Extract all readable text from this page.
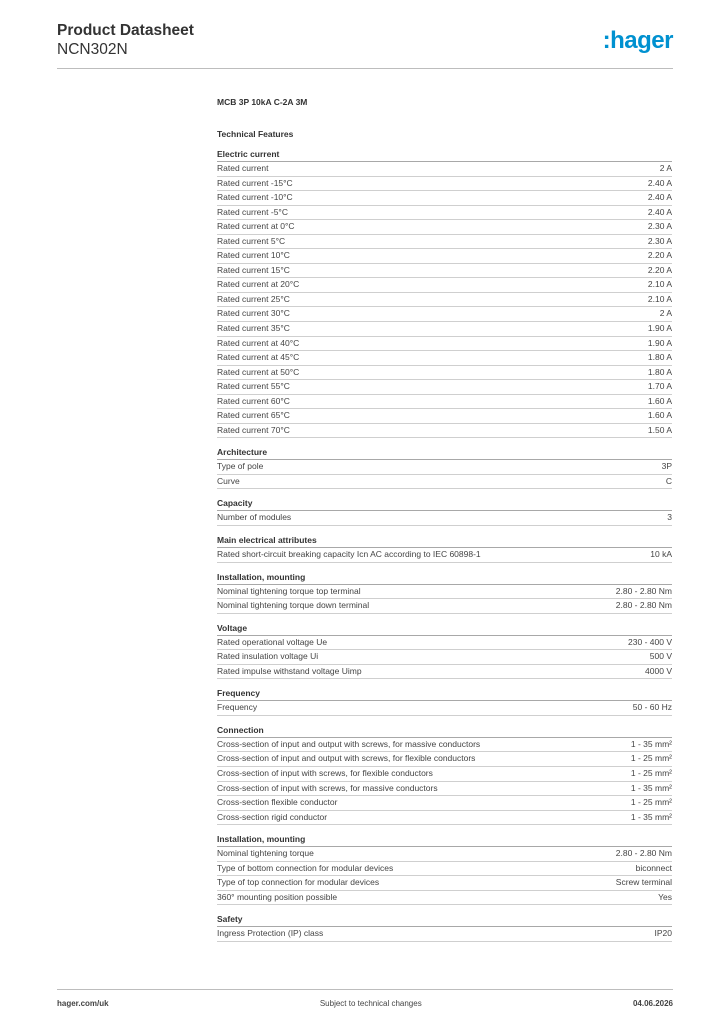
Product Datasheet
NCN302N	:hager
MCB 3P 10kA C-2A 3M
Technical Features
Electric current
Rated current	2 A
Rated current -15°C	2.40 A
Rated current -10°C	2.40 A
Rated current -5°C	2.40 A
Rated current at 0°C	2.30 A
Rated current 5°C	2.30 A
Rated current 10°C	2.20 A
Rated current 15°C	2.20 A
Rated current at 20°C	2.10 A
Rated current 25°C	2.10 A
Rated current 30°C	2 A
Rated current 35°C	1.90 A
Rated current at 40°C	1.90 A
Rated current at 45°C	1.80 A
Rated current at 50°C	1.80 A
Rated current 55°C	1.70 A
Rated current 60°C	1.60 A
Rated current 65°C	1.60 A
Rated current 70°C	1.50 A
Architecture
Type of pole	3P
Curve	C
Capacity
Number of modules	3
Main electrical attributes
Rated short-circuit breaking capacity Icn AC according to IEC 60898-1	10 kA
Installation, mounting
Nominal tightening torque top terminal	2.80 - 2.80 Nm
Nominal tightening torque down terminal	2.80 - 2.80 Nm
Voltage
Rated operational voltage Ue	230 - 400 V
Rated insulation voltage Ui	500 V
Rated impulse withstand voltage Uimp	4000 V
Frequency
Frequency	50 - 60 Hz
Connection
Cross-section of input and output with screws, for massive conductors	1 - 35 mm²
Cross-section of input and output with screws, for flexible conductors	1 - 25 mm²
Cross-section of input with screws, for flexible conductors	1 - 25 mm²
Cross-section of input with screws, for massive conductors	1 - 35 mm²
Cross-section flexible conductor	1 - 25 mm²
Cross-section rigid conductor	1 - 35 mm²
Installation, mounting
Nominal tightening torque	2.80 - 2.80 Nm
Type of bottom connection for modular devices	biconnect
Type of top connection for modular devices	Screw terminal
360° mounting position possible	Yes
Safety
Ingress Protection (IP) class	IP20
hager.com/uk	Subject to technical changes	04.06.2026
